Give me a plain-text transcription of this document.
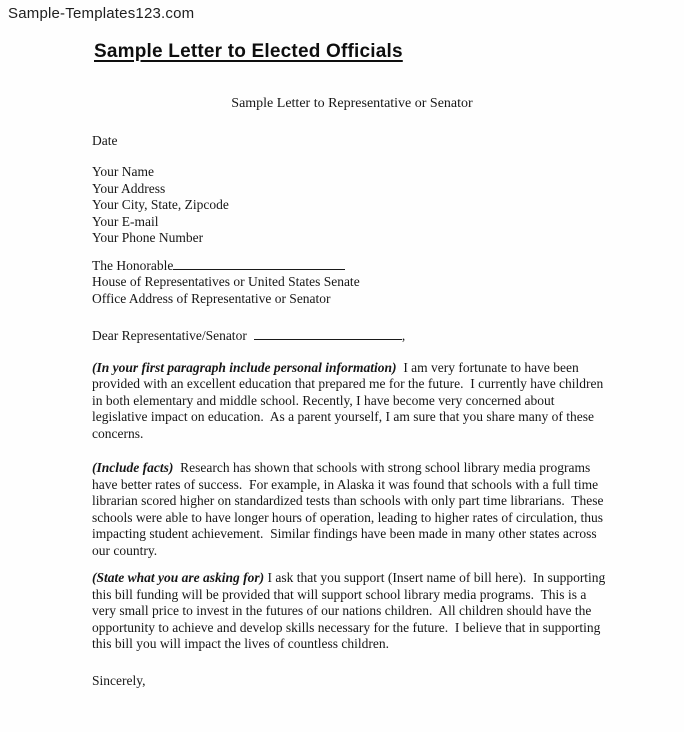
Sample-Templates123.com
Sample Letter to Elected Officials
Sample Letter to Representative or Senator
Date
Your Name
Your Address
Your City, State, Zipcode
Your E-mail
Your Phone Number
The Honorable
House of Representatives or United States Senate
Office Address of Representative or Senator
Dear Representative/Senator	,

(In your first paragraph include personal information)  I am very fortunate to have been provided with an excellent education that prepared me for the future.  I currently have children in both elementary and middle school. Recently, I have become very concerned about legislative impact on education.  As a parent yourself, I am sure that you share many of these concerns.

(Include facts)  Research has shown that schools with strong school library media programs have better rates of success.  For example, in Alaska it was found that schools with a full time librarian scored higher on standardized tests than schools with only part time librarians.  These schools were able to have longer hours of operation, leading to higher rates of circulation, thus impacting student achievement.  Similar findings have been made in many other states across our country.

(State what you are asking for) I ask that you support (Insert name of bill here).  In supporting this bill funding will be provided that will support school library media programs.  This is a very small price to invest in the futures of our nations children.  All children should have the opportunity to achieve and develop skills necessary for the future.  I believe that in supporting this bill you will impact the lives of countless children.

Sincerely,
